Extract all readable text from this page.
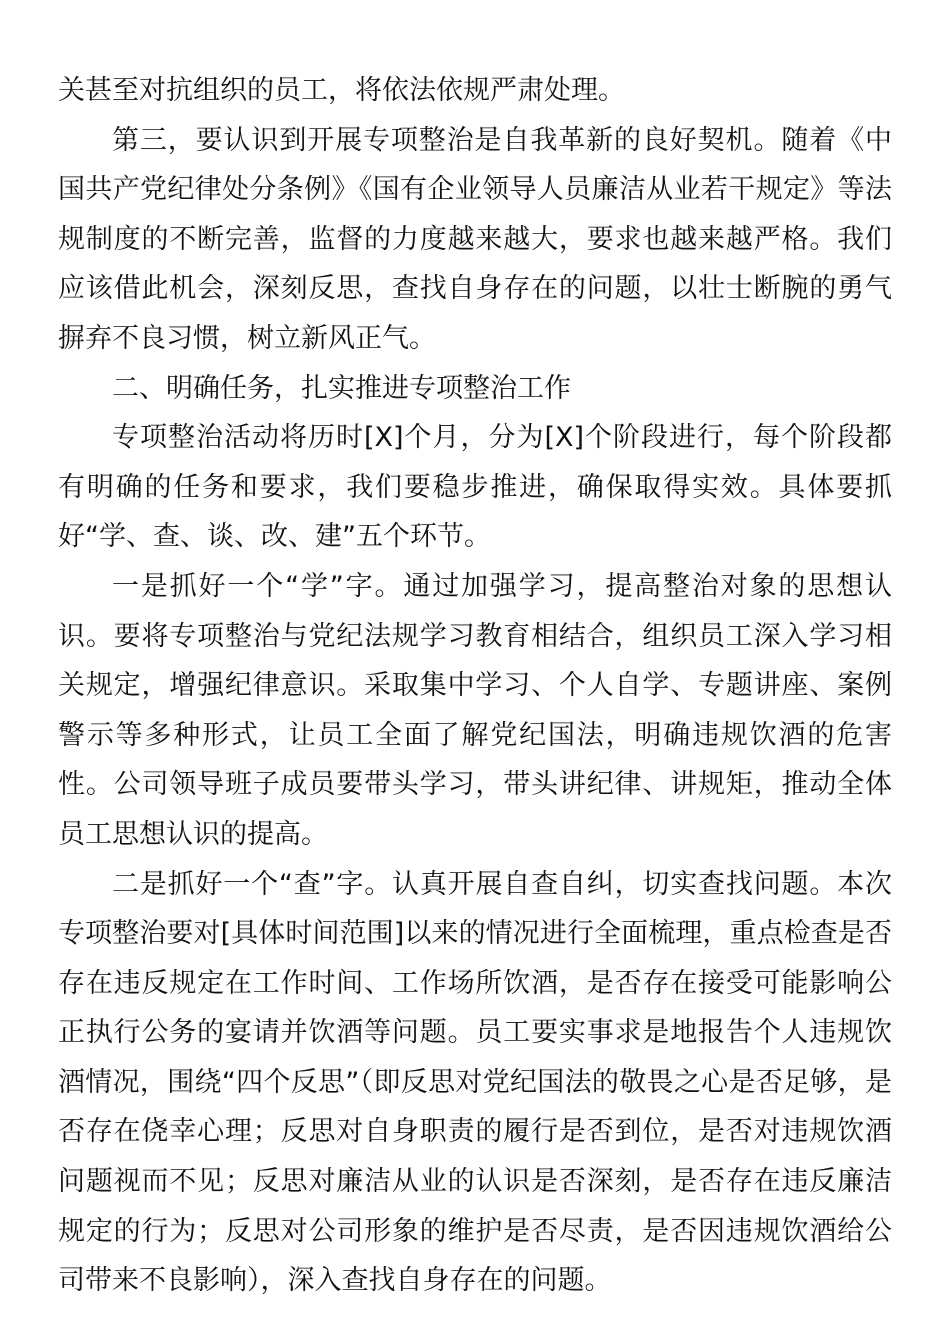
关甚至对抗组织的员工，将依法依规严肃处理。

第三，要认识到开展专项整治是自我革新的良好契机。随着《中国共产党纪律处分条例》《国有企业领导人员廉洁从业若干规定》等法规制度的不断完善，监督的力度越来越大，要求也越来越严格。我们应该借此机会，深刻反思，查找自身存在的问题，以壮士断腕的勇气摒弃不良习惯，树立新风正气。

二、明确任务，扎实推进专项整治工作

专项整治活动将历时[X]个月，分为[X]个阶段进行，每个阶段都有明确的任务和要求，我们要稳步推进，确保取得实效。具体要抓好“学、查、谈、改、建”五个环节。

一是抓好一个“学”字。通过加强学习，提高整治对象的思想认识。要将专项整治与党纪法规学习教育相结合，组织员工深入学习相关规定，增强纪律意识。采取集中学习、个人自学、专题讲座、案例警示等多种形式，让员工全面了解党纪国法，明确违规饮酒的危害性。公司领导班子成员要带头学习，带头讲纪律、讲规矩，推动全体员工思想认识的提高。

二是抓好一个“查”字。认真开展自查自纠，切实查找问题。本次专项整治要对[具体时间范围]以来的情况进行全面梳理，重点检查是否存在违反规定在工作时间、工作场所饮酒，是否存在接受可能影响公正执行公务的宴请并饮酒等问题。员工要实事求是地报告个人违规饮酒情况，围绕“四个反思”（即反思对党纪国法的敬畏之心是否足够，是否存在侥幸心理；反思对自身职责的履行是否到位，是否对违规饮酒问题视而不见；反思对廉洁从业的认识是否深刻，是否存在违反廉洁规定的行为；反思对公司形象的维护是否尽责，是否因违规饮酒给公司带来不良影响），深入查找自身存在的问题。
